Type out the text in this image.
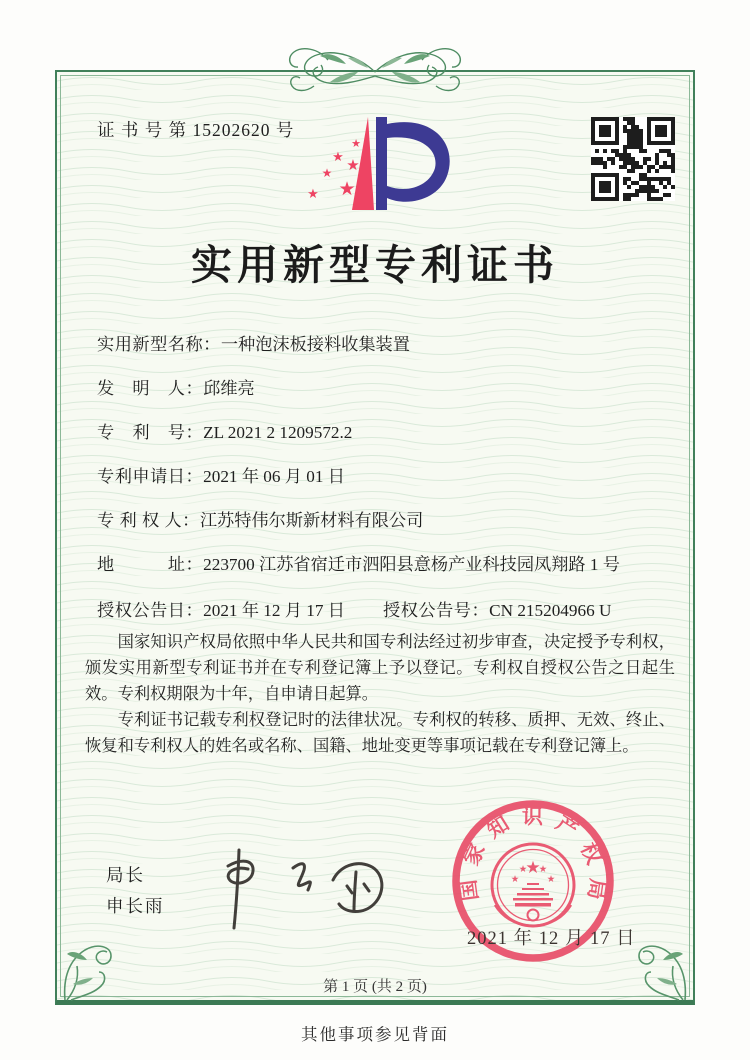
证 书 号 第 15202620 号
★
★ ★
★
★
★
实用新型专利证书
实用新型名称：一种泡沫板接料收集装置
发　明　人：邱维亮
专　利　号：ZL 2021 2 1209572.2
专利申请日：2021 年 06 月 01 日
专 利 权 人：江苏特伟尔斯新材料有限公司
地　　　址：223700 江苏省宿迁市泗阳县意杨产业科技园凤翔路 1 号
授权公告日：2021 年 12 月 17 日 授权公告号：CN 215204966 U

国家知识产权局依照中华人民共和国专利法经过初步审查，决定授予专利权，颁发实用新型专利证书并在专利登记簿上予以登记。专利权自授权公告之日起生效。专利权期限为十年，自申请日起算。

专利证书记载专利权登记时的法律状况。专利权的转移、质押、无效、终止、恢复和专利权人的姓名或名称、国籍、地址变更等事项记载在专利登记簿上。

局长
申长雨
国家知识产权局
★
★
★ ★
★
2021 年 12 月 17 日
第 1 页 (共 2 页)
其他事项参见背面
